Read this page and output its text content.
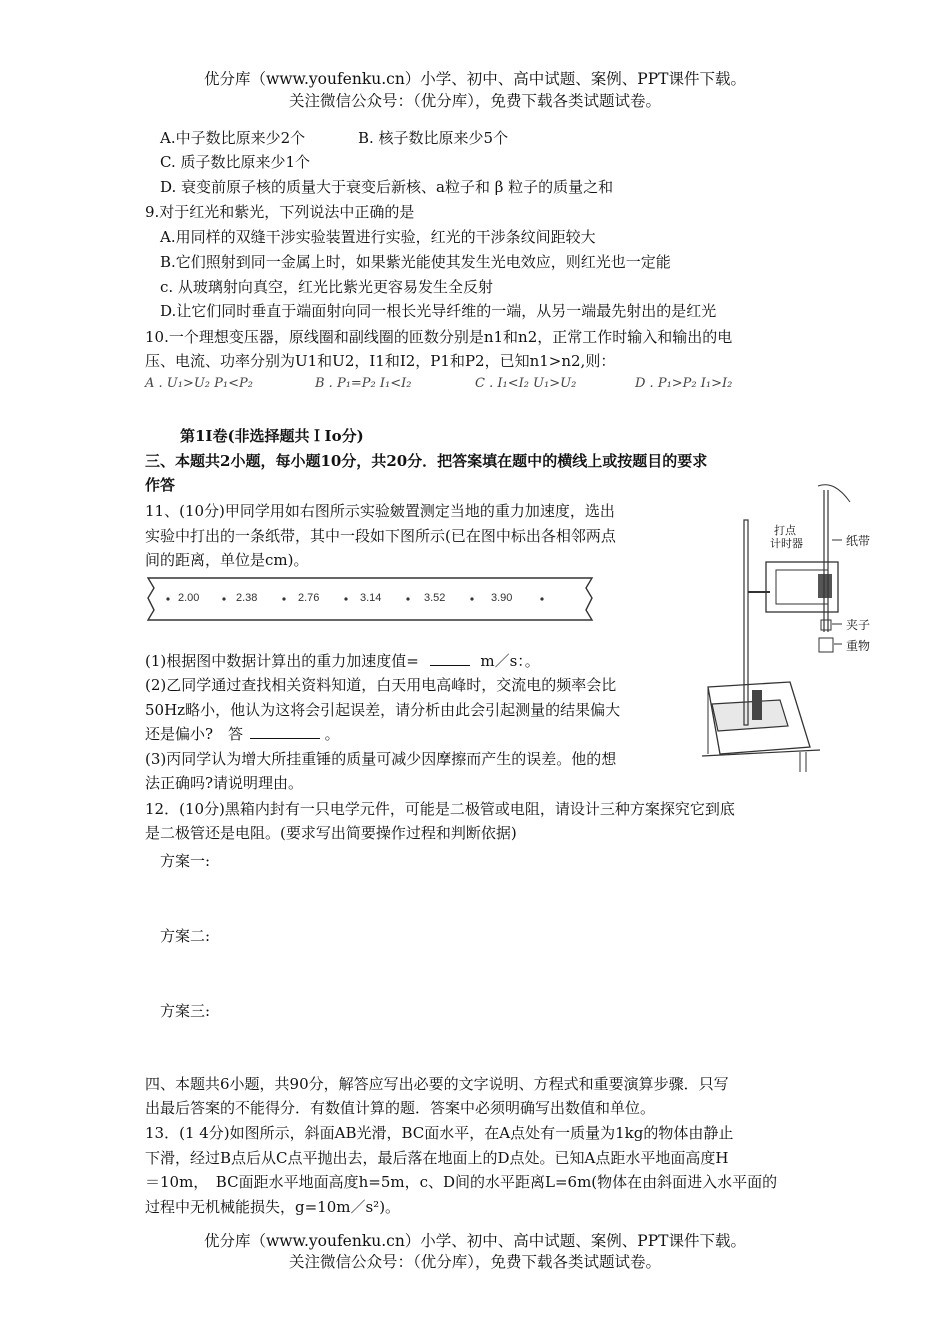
优分库（www.youfenku.cn）小学、初中、高中试题、案例、PPT课件下载。
关注微信公众号：（优分库），免费下载各类试题试卷。
A.中子数比原来少2个	B. 核子数比原来少5个
C. 质子数比原来少1个
D. 衰变前原子核的质量大于衰变后新核、a粒子和 β 粒子的质量之和
9.对于红光和紫光，下列说法中正确的是
A.用同样的双缝干涉实验装置进行实验，红光的干涉条纹间距较大
B.它们照射到同一金属上时，如果紫光能使其发生光电效应，则红光也一定能
c. 从玻璃射向真空，红光比紫光更容易发生全反射
D.让它们同时垂直于端面射向同一根长光导纤维的一端，从另一端最先射出的是红光
10.一个理想变压器，原线圈和副线圈的匝数分别是n1和n2，正常工作时输入和输出的电
压、电流、功率分别为U1和U2，I1和I2，P1和P2，已知n1>n2,则：
A . U₁>U₂ P₁<P₂	B . P₁=P₂ I₁<I₂	C . I₁<I₂ U₁>U₂	D . P₁>P₂ I₁>I₂
第1I卷(非选择题共ＩIo分)
三、本题共2小题，每小题10分，共20分．把答案填在题中的横线上或按题目的要求
作答
11、(10分)甲同学用如右图所示实验皴置测定当地的重力加速度，选出
实验中打出的一条纸带，其中一段如下图所示(已在图中标出各相邻两点
间的距离，单位是cm)。
2.00	2.38	2.76	3.14	3.52	3.90
打点
计时器	纸带
夹子
重物
(1)根据图中数据计算出的重力加速度值=	m／s：。
(2)乙同学通过查找相关资料知道，白天用电高峰时，交流电的频率会比
50Hz略小，他认为这将会引起误差，请分析由此会引起测量的结果偏大
还是偏小?　答	。
(3)丙同学认为增大所挂重锤的质量可减少因摩擦而产生的误差。他的想
法正确吗?请说明理由。
12．(10分)黑箱内封有一只电学元件，可能是二极管或电阻，请设计三种方案探究它到底
是二极管还是电阻。(要求写出简要操作过程和判断依据)
方案一:
方案二:
方案三:
四、本题共6小题，共90分，解答应写出必要的文字说明、方程式和重要演算步骤．只写
出最后答案的不能得分．有数值计算的题．答案中必须明确写出数值和单位。
13．(1 4分)如图所示，斜面AB光滑，BC面水平，在A点处有一质量为1kg的物体由静止
下滑，经过B点后从C点平抛出去，最后落在地面上的D点处。已知A点距水平地面高度H
＝10m，　BC面距水平地面高度h=5m，c、D间的水平距离L=6m(物体在由斜面进入水平面的
过程中无机械能损失，g=10m／s²)。
优分库（www.youfenku.cn）小学、初中、高中试题、案例、PPT课件下载。
关注微信公众号：（优分库），免费下载各类试题试卷。
